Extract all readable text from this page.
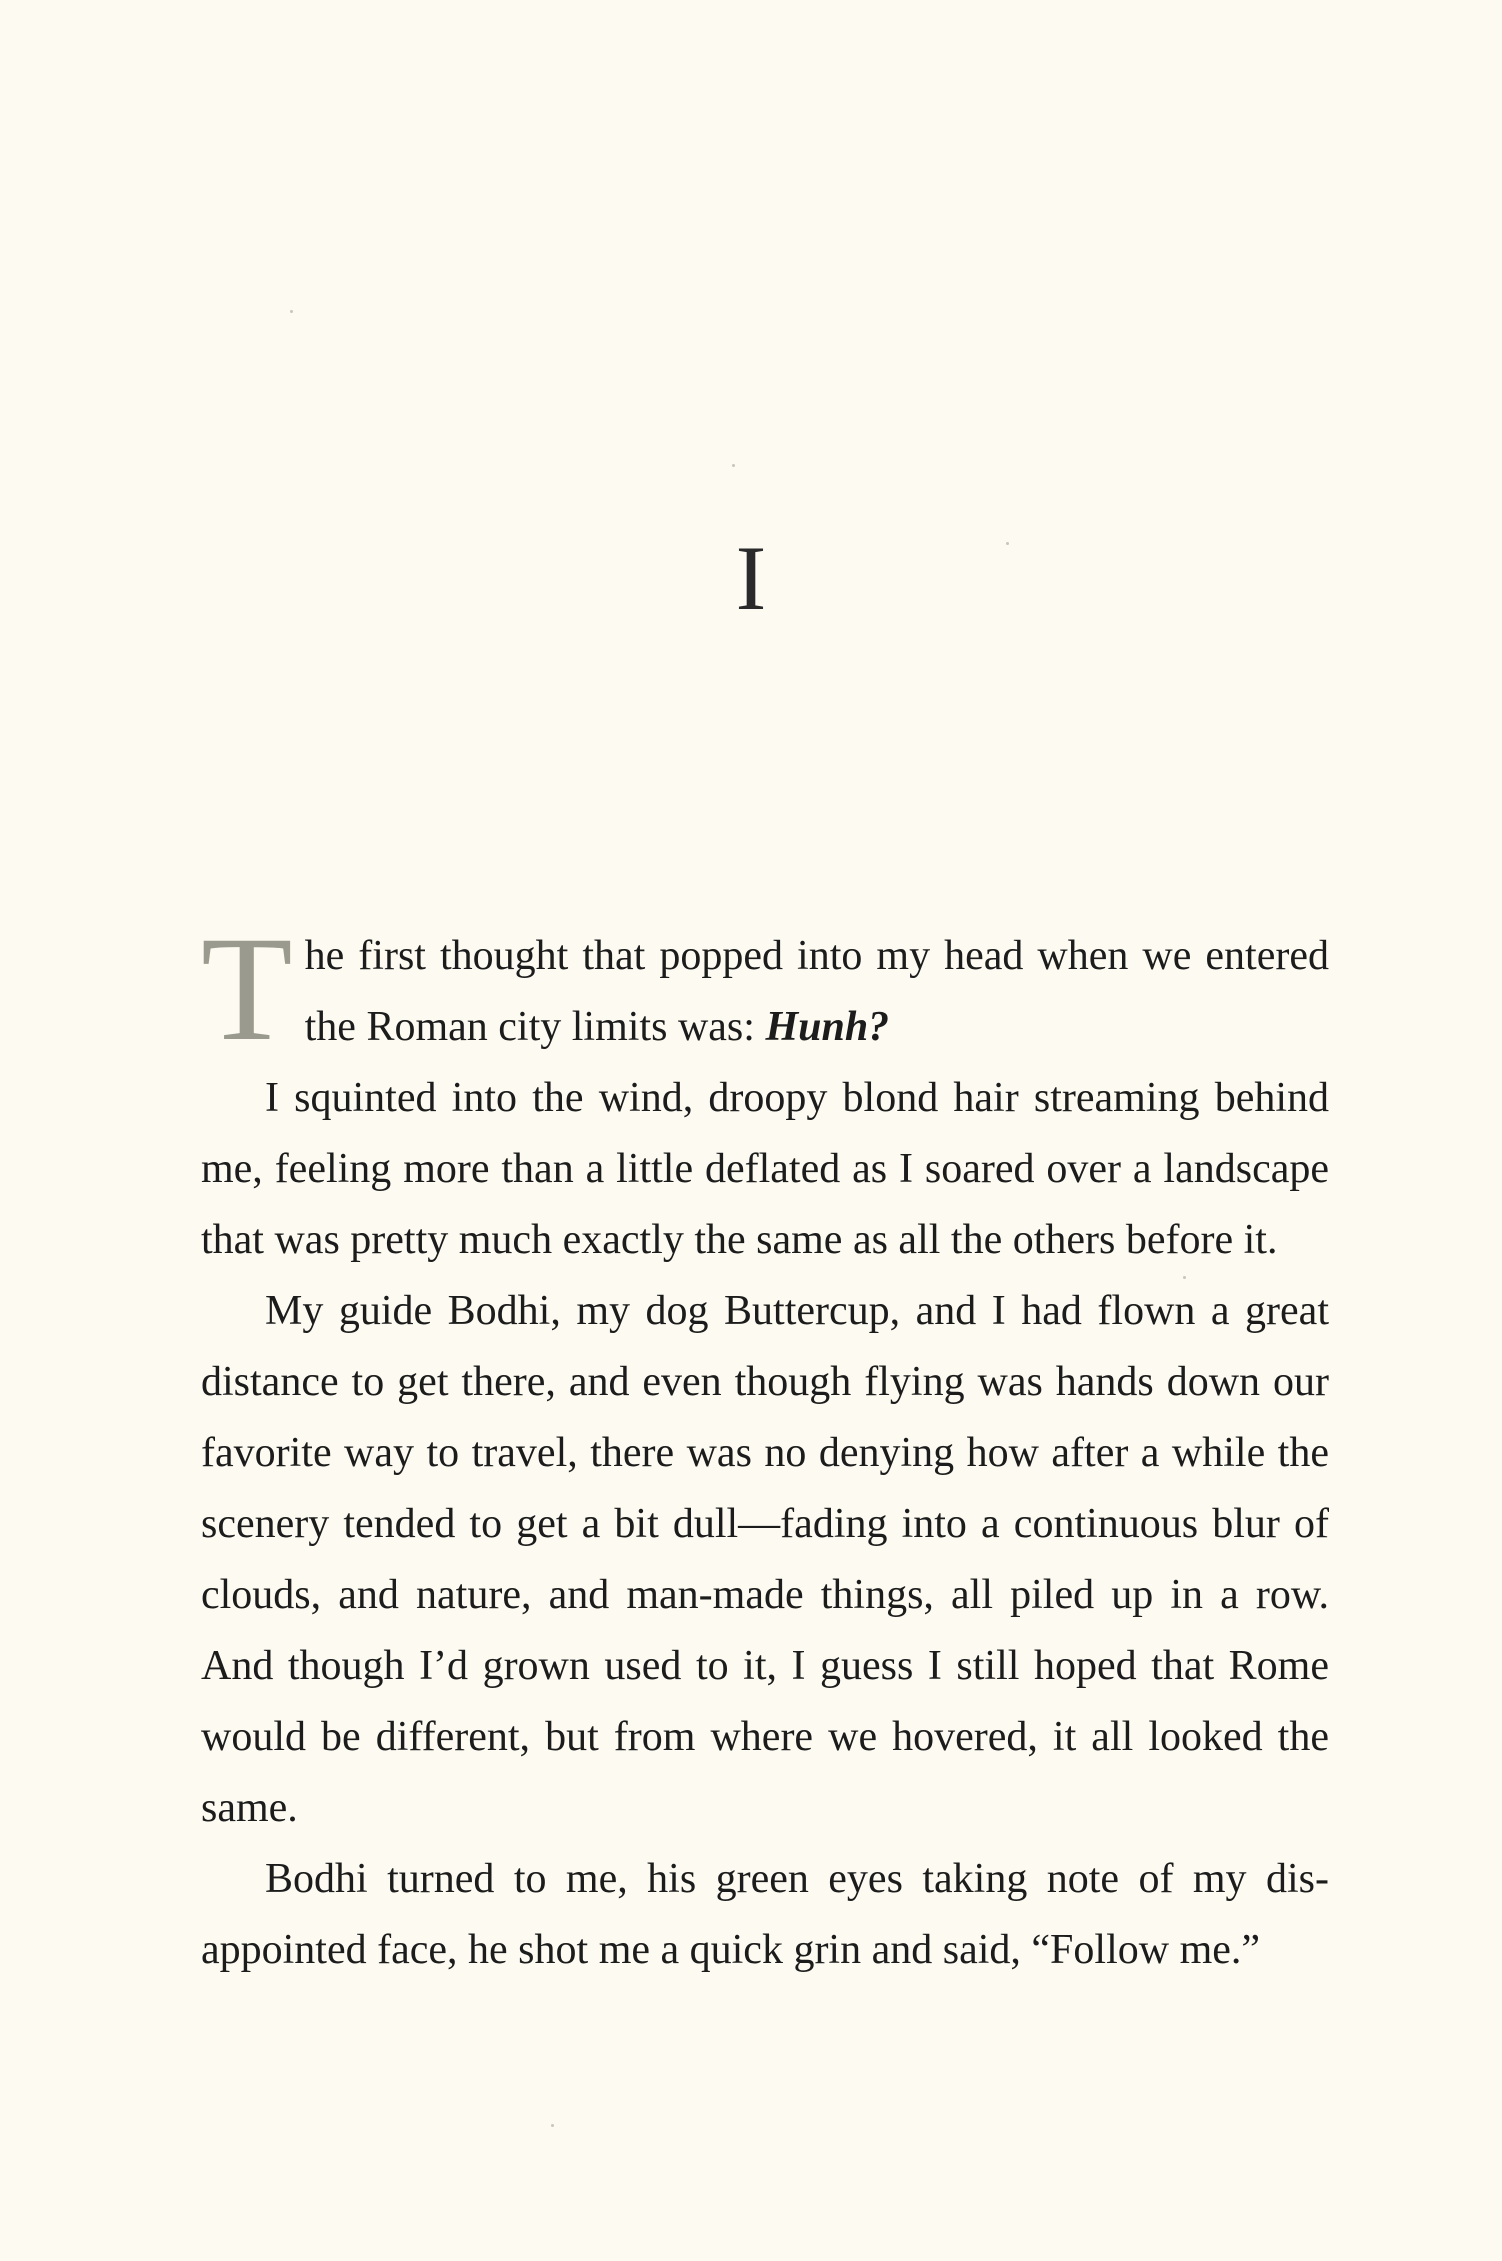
I

The first thought that popped into my head when we entered the Roman city limits was: Hunh?

I squinted into the wind, droopy blond hair streaming behind me, feeling more than a little deflated as I soared over a landscape that was pretty much exactly the same as all the others before it.

My guide Bodhi, my dog Buttercup, and I had flown a great distance to get there, and even though flying was hands down our favorite way to travel, there was no denying how after a while the scenery tended to get a bit dull—fading into a continuous blur of clouds, and nature, and man-made things, all piled up in a row. And though I’d grown used to it, I guess I still hoped that Rome would be different, but from where we hovered, it all looked the same.

Bodhi turned to me, his green eyes taking note of my disappointed face, he shot me a quick grin and said, “Follow me.”
